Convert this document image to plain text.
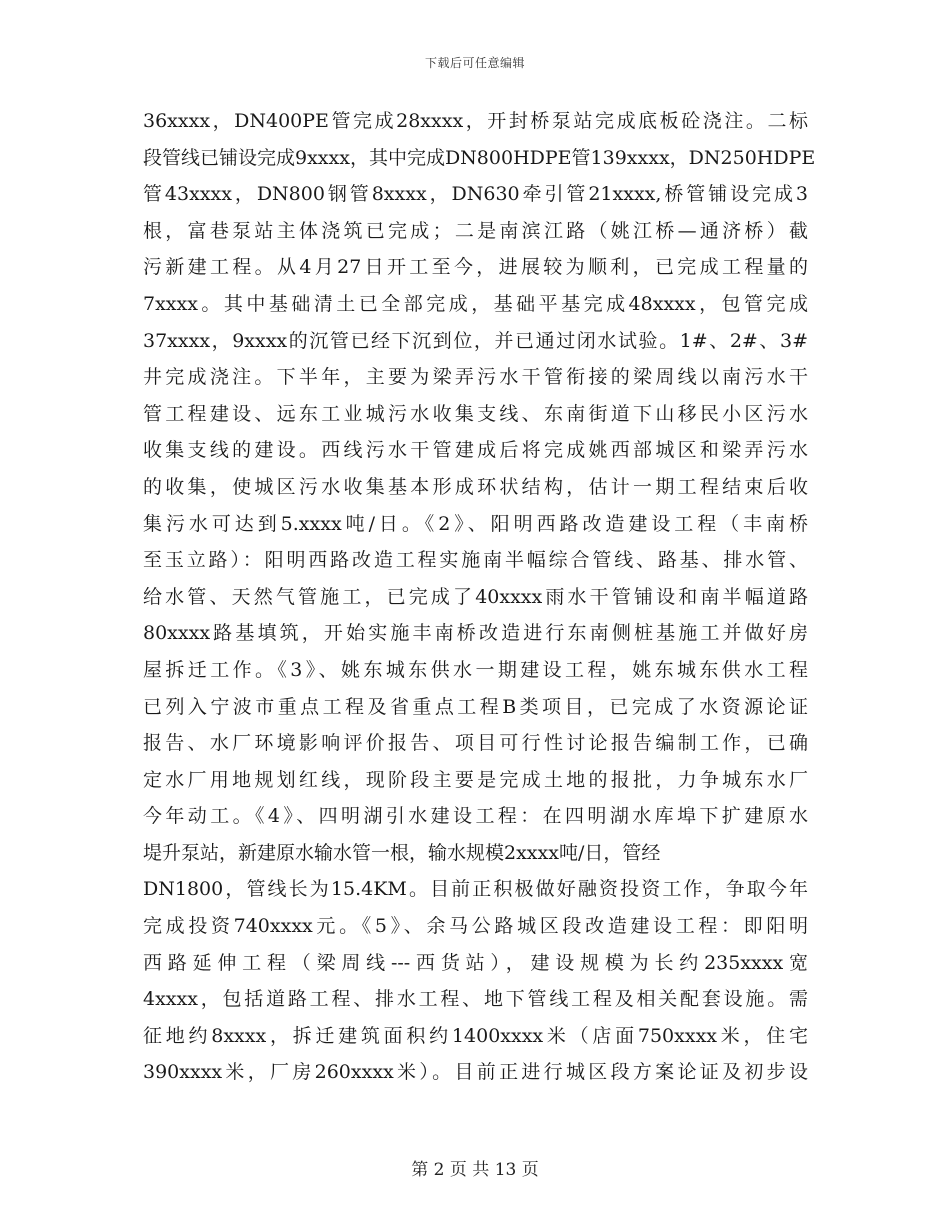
下载后可任意编辑
36xxxx，DN400PE管完成28xxxx，开封桥泵站完成底板砼浇注。二标
段管线已铺设完成9xxxx，其中完成DN800HDPE管139xxxx，DN250HDPE
管43xxxx，DN800钢管8xxxx，DN630牵引管21xxxx,桥管铺设完成3
根，富巷泵站主体浇筑已完成；二是南滨江路（姚江桥—通济桥）截
污新建工程。从4月27日开工至今，进展较为顺利，已完成工程量的
7xxxx。其中基础清土已全部完成，基础平基完成48xxxx，包管完成
37xxxx，9xxxx的沉管已经下沉到位，并已通过闭水试验。1#、2#、3#
井完成浇注。下半年，主要为梁弄污水干管衔接的梁周线以南污水干
管工程建设、远东工业城污水收集支线、东南街道下山移民小区污水
收集支线的建设。西线污水干管建成后将完成姚西部城区和梁弄污水
的收集，使城区污水收集基本形成环状结构，估计一期工程结束后收
集污水可达到5.xxxx吨/日。《2》、阳明西路改造建设工程（丰南桥
至玉立路）：阳明西路改造工程实施南半幅综合管线、路基、排水管、
给水管、天然气管施工，已完成了40xxxx雨水干管铺设和南半幅道路
80xxxx路基填筑，开始实施丰南桥改造进行东南侧桩基施工并做好房
屋拆迁工作。《3》、姚东城东供水一期建设工程，姚东城东供水工程
已列入宁波市重点工程及省重点工程B类项目，已完成了水资源论证
报告、水厂环境影响评价报告、项目可行性讨论报告编制工作，已确
定水厂用地规划红线，现阶段主要是完成土地的报批，力争城东水厂
今年动工。《4》、四明湖引水建设工程：在四明湖水库埠下扩建原水
堤升泵站，新建原水输水管一根，输水规模2xxxx吨/日，管经
DN1800，管线长为15.4KM。目前正积极做好融资投资工作，争取今年
完成投资740xxxx元。《5》、余马公路城区段改造建设工程：即阳明
西路延伸工程（梁周线---西货站），建设规模为长约235xxxx宽
4xxxx，包括道路工程、排水工程、地下管线工程及相关配套设施。需
征地约8xxxx，拆迁建筑面积约1400xxxx米（店面750xxxx米，住宅
390xxxx米，厂房260xxxx米）。目前正进行城区段方案论证及初步设
第 2 页 共 13 页
